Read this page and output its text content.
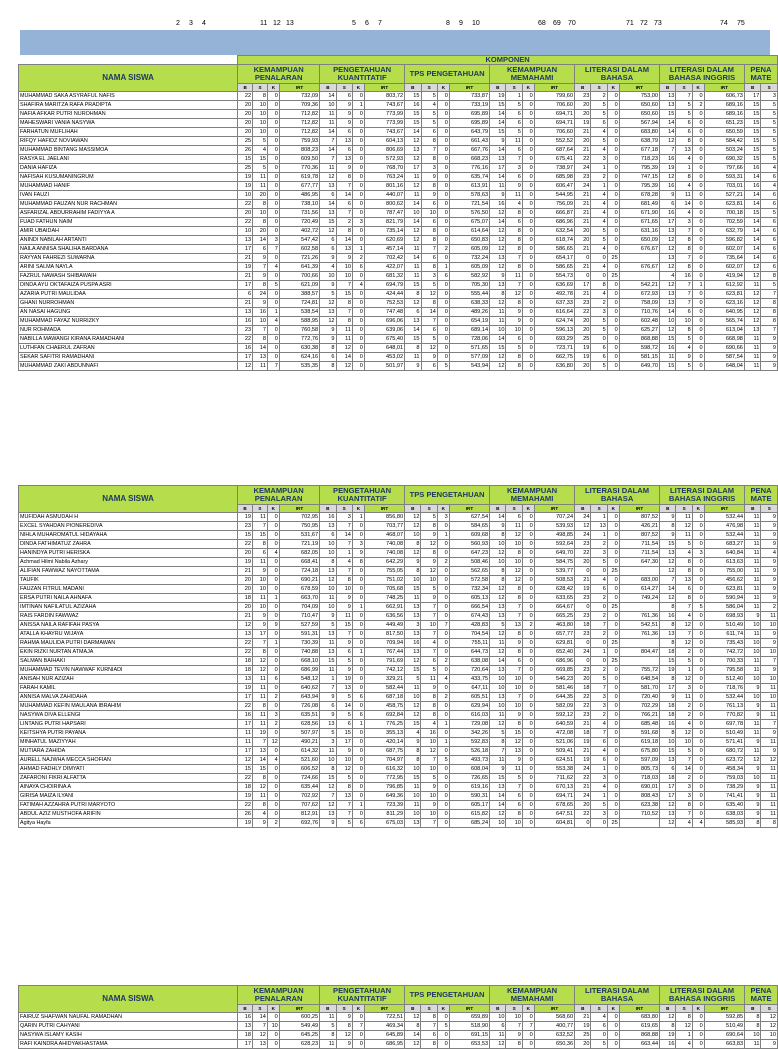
2 3 4	11 12 13	5 6 7	8 9 10	68 69 70	71 72 73	74 75
	KOMPONEN																									
NAMA SISWA	KEMAMPUAN PENALARAN				PENGETAHUAN KUANTITATIF				TPS PENGETAHUAN				KEMAMPUAN MEMAHAMI				LITERASI DALAM BAHASA				LITERASI DALAM BAHASA INGGRIS				PENA MATE	
	B	S	K	IRT	B	S	K	IRT	B	S	K	IRT	B	S	K	IRT	B	S	K	IRT	B	S	K	IRT	B	S
MUHAMMAD SAKA ASYRAFUL NAFIS	22	8	0	732,09	14	6	0	803,72	15	5	0	733,87	19	1	0	799,60	23	2	0	753,00	13	7	0	606,73	17	3
SHAFIRA MARITZA RAFA PRADIPTA	20	10	0	709,36	10	9	1	743,67	16	4	0	733,19	15	5	0	706,60	20	5	0	650,60	13	5	2	689,16	15	5
NAFIA AFKAR PUTRI NUROHMAN	20	10	0	712,82	11	9	0	773,99	15	5	0	695,89	14	6	0	694,71	20	5	0	650,60	15	5	0	689,16	15	5
MAHESWARI VANIA NASYWA	20	10	0	712,82	11	9	0	773,99	15	5	0	695,89	14	6	0	694,71	19	6	0	567,94	14	6	0	651,23	15	5
FARHATUN MUFLIHAH	20	10	0	712,82	14	6	0	743,67	14	6	0	643,79	15	5	0	706,60	21	4	0	683,80	14	6	0	650,59	15	5
RIFQY HAFIDZ NOVIAWAN	25	5	0	759,93	7	13	0	604,13	12	8	0	661,43	9	11	0	552,52	20	5	0	638,79	12	8	0	584,42	15	5
MUHAMMAD BINTANG MASSIMOA	26	4	0	808,23	14	6	0	806,69	13	7	0	667,76	14	6	0	687,64	21	4	0	677,18	7	13	0	503,24	15	5
RASYA EL JAELANI	15	15	0	609,50	7	13	0	572,93	12	8	0	668,23	13	7	0	675,41	22	3	0	718,23	16	4	0	690,32	15	5
DANIA HAFIZA	25	5	0	770,36	11	9	0	768,70	17	3	0	776,16	17	3	0	738,97	24	1	0	795,39	19	1	0	797,66	16	4
NAFISAH KUSUMANINGRUM	19	11	0	619,78	12	8	0	763,24	11	9	0	635,74	14	6	0	685,98	23	2	0	747,15	12	8	0	593,31	14	6
MUHAMMAD HANIF	19	11	0	677,77	13	7	0	801,16	12	8	0	613,91	11	9	0	606,47	24	1	0	795,39	16	4	0	703,01	16	4
IVAN FAUZI	10	20	0	486,95	6	14	0	440,07	11	9	0	578,63	9	11	0	544,95	21	4	0	678,28	9	11	0	527,21	14	6
MUHAMMAD FAUZAN NUR RACHMAN	22	8	0	738,10	14	6	0	800,62	14	6	0	721,54	16	4	0	756,09	21	4	0	681,49	6	14	0	623,81	14	6
ASFARIZAL ABDURRAHIM FADIYYA A	20	10	0	731,56	13	7	0	787,47	10	10	0	576,50	12	8	0	666,87	21	4	0	671,90	16	4	0	700,18	15	5
FUAD FATHUN NAIM	22	8	0	720,49	15	2	3	821,79	14	6	0	675,07	14	6	0	686,96	21	4	0	671,65	17	3	0	702,59	14	6
AMIR UBAIDAH	10	20	0	402,72	12	8	0	735,14	12	8	0	614,64	12	8	0	632,54	20	5	0	631,16	13	7	0	632,79	14	6
ANINDI NABILAH ARTANTI	13	14	3	547,42	6	14	0	620,69	12	8	0	650,83	12	8	0	618,74	20	5	0	650,09	12	8	0	596,82	14	6
NAILA ANNISA SHALIHA BARDANA	17	6	7	602,58	6	13	1	457,14	11	7	2	605,09	12	8	0	586,65	21	4	0	676,67	12	8	0	602,07	14	6
RAYYAN FAHREZI SUWARNA	21	9	0	721,26	9	9	2	702,42	14	6	0	732,24	13	7	0	654,17	0	0	25		13	7	0	735,64	14	6
ARINI SALMA NAYLA	19	7	4	641,39	4	10	6	422,07	11	8	1	605,09	12	8	0	586,65	21	4	0	676,67	12	8	0	602,07	12	6
FAZRUL NAWASH SHIBAWAIH	21	9	0	700,66	10	10	0	681,32	11	3	6	582,92	9	11	0	554,73	0	0	25		4	16	0	419,94	12	8
DINDA AYU OKTAFAIZA PUSPA ASRI	17	8	5	621,09	9	7	4	694,79	15	5	0	705,30	13	7	0	636,69	17	8	0	542,21	12	7	1	612,92	11	5
AZARIA PUTRI MAULIDAA	6	24	0	388,57	5	15	0	424,44	8	12	0	555,44	8	12	0	492,78	21	4	0	672,93	13	7	0	623,81	12	7
GHANI NURROHMAN	21	9	0	724,81	12	8	0	752,53	12	8	0	638,33	12	8	0	637,33	23	2	0	758,09	13	7	0	623,16	12	8
AN NASAI HAGUNG	13	16	1	538,54	13	7	0	747,48	6	14	0	489,26	11	9	0	616,64	22	3	0	710,76	14	6	0	640,95	12	8
MUHAMMAD FAYAZ NURRIZKY	16	10	4	588,95	12	8	0	696,06	13	7	0	654,19	11	9	0	624,74	20	5	0	602,48	10	10	0	565,74	12	8
NUR ROHMADA	23	7	0	760,58	9	11	0	639,06	14	6	0	689,14	10	10	0	596,13	20	5	0	625,27	12	8	0	613,04	13	7
NABILLA MAWANGI KIRANA RAMADHANI	22	8	0	772,76	9	11	0	675,40	15	5	0	728,06	14	6	0	693,29	25	0	0	868,88	15	5	0	668,98	11	9
LUTHFAN CHAERUL ZAFRAN	16	14	0	630,38	8	12	0	648,01	8	12	0	571,65	15	5	0	723,71	19	6	0	598,72	16	4	0	690,66	11	9
SEKAR SAFITRI RAMADHANI	17	13	0	624,16	6	14	0	453,02	11	9	0	577,09	12	8	0	662,75	19	6	0	581,15	11	9	0	587,54	11	9
MUHAMMAD ZAKI ABDUNNAFI	12	11	7	535,35	8	12	0	501,97	9	6	5	543,94	12	8	0	636,80	20	5	0	649,70	15	5	0	648,04	11	9
NAMA SISWA	KEMAMPUAN PENALARAN				PENGETAHUAN KUANTITATIF				TPS PENGETAHUAN				KEMAMPUAN MEMAHAMI				LITERASI DALAM BAHASA				LITERASI DALAM BAHASA INGGRIS				PENA MATE	
	B	S	K	IRT	B	S	K	IRT	B	S	K	IRT	B	S	K	IRT	B	S	K	IRT	B	S	K	IRT	B	S
MUFIDAH ASMUDAH H	19	11	0	702,95	16	3	1	856,80	12	5	3	627,54	14	6	0	707,24	24	1	0	807,52	9	11	0	532,44	11	9
EXCEL SYAHDAN PIONEREDIVA	23	7	0	750,95	13	7	0	703,77	12	8	0	584,65	9	11	0	539,93	12	13	0	426,21	8	12	0	476,98	11	9
NIHLA MUHAROMATUL HIDAYAHA	15	15	0	531,67	6	14	0	468,07	10	9	1	609,68	8	12	0	498,85	24	1	0	807,52	9	11	0	532,44	11	9
DINDA FATHIMATUZ ZAHRA	22	8	0	721,19	10	7	3	740,08	8	12	0	560,93	10	10	0	592,64	23	2	0	711,54	15	5	0	683,27	11	9
HANINDYA PUTRI HERISKA	20	6	4	682,05	10	1	9	740,08	12	8	0	647,23	12	8	0	649,70	22	3	0	711,54	13	4	3	640,84	11	4
Achmad Hilmi Nabila Azhary	19	11	0	668,41	8	4	8	642,29	9	9	2	508,46	10	10	0	584,75	20	5	0	647,30	12	8	0	613,63	11	9
ALIFIAN FAWWAZ NAYOTTAMA	21	9	0	724,18	13	7	0	755,05	8	12	0	562,65	8	12	0	539,77	0	0	25		12	8	0	755,00	11	9
TAUFIK	20	10	0	690,21	12	8	0	751,02	10	10	0	572,58	8	12	0	508,53	21	4	0	683,00	7	13	0	456,62	11	9
FAUZAN FITRUL MADANI	20	10	0	678,59	10	10	0	705,68	15	5	0	732,34	12	8	0	628,42	19	6	0	614,27	14	6	0	623,81	11	9
ERSA PUTRI NAILA AHNAFA	18	11	1	663,70	11	9	0	748,25	11	9	0	605,13	12	8	0	633,65	23	2	0	749,24	12	8	0	590,94	11	9
IMTINAN NAFILATUL AZIZAHA	20	10	0	704,09	10	9	1	662,91	13	7	0	666,54	13	7	0	664,67	0	0	25		8	7	5	586,04	11	2
RAIS FARDIN FAWWAZ	21	9	0	710,47	9	11	0	636,56	13	7	0	674,43	13	7	0	665,25	23	2	0	761,36	16	4	0	698,93	9	11
ANISSA NAILA RAFIFAH PASYA	12	9	9	527,59	5	15	0	449,49	3	10	7	428,83	5	13	2	463,80	18	7	0	542,51	8	12	0	510,49	10	10
ATALLA KHAYRU WIJAYA	13	17	0	591,31	13	7	0	817,50	13	7	0	704,54	12	8	0	657,77	23	2	0	761,36	13	7	0	611,74	11	9
RAHMA MAULIDA PUTRI DARMAWAN	22	7	1	730,39	11	9	0	709,94	16	4	0	755,11	11	9	0	629,81	0	0	25		8	12	0	735,43	10	9
EKIN RIZKI NURTAN ATMAJA	22	8	0	740,88	13	6	1	767,44	13	7	0	644,73	12	8	0	652,40	24	1	0	804,47	18	2	0	742,72	10	10
SALMAN BAIHAKI	18	12	0	668,10	15	5	0	791,69	12	6	2	638,08	14	6	0	686,96	0	0	25		15	5	0	700,33	11	7
MUHAMMAD TEVIN NAWWAF KURNIADI	18	12	0	686,99	11	9	0	742,12	15	5	0	720,64	13	7	0	669,85	23	2	0	755,72	19	1	0	795,58	11	9
ANISAH NUR AZIZAH	13	11	6	548,12	1	19	0	329,21	5	11	4	433,75	10	10	0	546,23	20	5	0	648,54	8	12	0	512,40	10	10
FARAH KAMIL	19	11	0	640,62	7	13	0	582,44	11	9	0	647,11	10	10	0	581,46	18	7	0	581,70	17	3	0	718,76	9	11
ANNISA MALVA ZAHIDAHA	17	11	2	643,94	9	5	6	687,18	10	8	2	605,51	13	7	0	644,35	22	3	0	720,40	9	11	0	532,44	10	10
MUHAMMAD KEFIN MAULANA IBRAHIM	22	8	0	726,08	6	14	0	458,75	12	8	0	629,94	10	10	0	582,09	22	3	0	702,29	18	2	0	761,13	9	11
NASYWA DIVA ELLENGI	16	11	3	635,51	9	5	6	692,84	12	8	0	616,03	11	9	0	592,12	23	2	0	766,21	18	2	0	770,82	9	11
LINTANG PUTRI HAPSARI	17	11	2	628,56	13	6	1	776,25	15	4	1	729,08	12	8	0	640,59	21	4	0	685,48	16	4	0	697,78	11	7
KEITSHYA PUTRI PAYANA	11	19	0	507,97	5	15	0	355,13	4	16	0	342,26	5	15	0	472,08	18	7	0	591,68	8	12	0	510,49	11	9
MINHATUL MAZIYYAH	11	7	12	490,21	3	17	0	420,14	9	10	1	592,83	8	12	0	521,06	19	6	0	619,18	10	10	0	571,41	9	11
MUTIARA ZAHIDA	17	13	0	614,32	11	9	0	687,75	8	12	0	526,18	7	13	0	509,41	21	4	0	675,80	15	5	0	680,72	11	9
AURELL NAJWHA MECCA SHOFIAN	12	14	4	521,60	10	10	0	704,97	8	7	5	493,73	11	9	0	624,51	19	6	0	597,09	13	7	0	623,72	12	12
AHMAD FADHLY DIMYATI	15	15	0	606,52	8	12	0	616,32	10	10	0	608,04	9	11	0	553,38	24	1	0	805,73	6	14	0	458,34	9	11
ZAFARONI FIKRI ALFATTA	22	8	0	724,66	15	5	0	772,95	15	5	0	726,65	15	5	0	711,62	22	3	0	718,03	18	2	0	759,03	10	11
AINAYA CHOIRINA A	18	12	0	635,44	12	8	0	796,85	11	9	0	619,16	13	7	0	670,13	21	4	0	690,01	17	3	0	738,29	9	11
GIRISA MAIZA ILYANI	19	11	0	702,92	7	13	0	649,36	10	10	0	590,31	14	6	0	694,71	24	1	0	808,43	17	3	0	741,41	9	11
FATIMAH AZZAHRA PUTRI MARYOTO	22	8	0	707,62	12	7	1	723,39	11	9	0	605,17	14	6	0	678,65	20	5	0	623,38	12	8	0	635,40	9	11
ABDUL AZIZ MUSTHOFA ARIFIN	26	4	0	812,91	13	7	0	811,29	10	10	0	615,82	12	8	0	647,51	22	3	0	710,52	13	7	0	638,03	9	11
Agitya Hayfa	19	9	2	692,76	9	5	6	675,03	13	7	0	685,24	10	10	0	604,81	0	0	25		12	4	4	585,93	8	8
NAMA SISWA	KEMAMPUAN PENALARAN				PENGETAHUAN KUANTITATIF				TPS PENGETAHUAN				KEMAMPUAN MEMAHAMI				LITERASI DALAM BAHASA				LITERASI DALAM BAHASA INGGRIS				PENA MATE	
	B	S	K	IRT	B	S	K	IRT	B	S	K	IRT	B	S	K	IRT	B	S	K	IRT	B	S	K	IRT	B	S
FAIRUZ SHAFWAN NAUFAL RAMADHAN	16	14	0	600,25	11	9	0	722,51	12	8	0	659,89	10	10	0	568,60	21	4	0	683,80	12	8	0	592,85	8	12
QARIN PUTRI CAHYANI	13	7	10	549,49	5	8	7	469,34	8	7	5	518,90	6	7	7	400,77	19	6	0	619,65	8	12	0	510,49	8	12
NASYWA ISLAMY KASIH	18	12	0	645,25	8	12	0	645,89	14	6	0	691,15	11	9	0	632,52	25	0	0	868,88	19	1	0	690,64	10	10
RAFI KAINDRA AHIDYAKHASTAMA	17	13	0	628,23	11	9	0	686,95	12	8	0	653,53	12	8	0	650,36	20	5	0	663,44	16	4	0	663,83	11	9
